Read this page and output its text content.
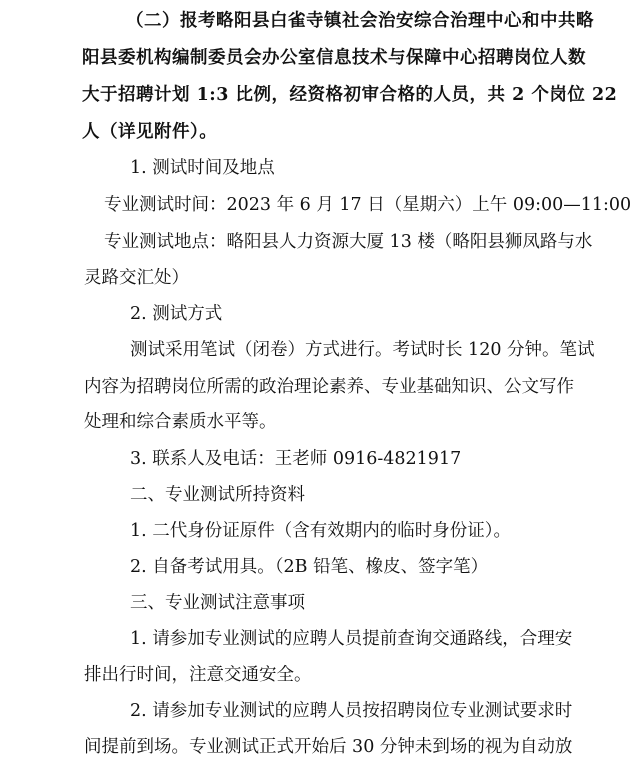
（二）报考略阳县白雀寺镇社会治安综合治理中心和中共略
阳县委机构编制委员会办公室信息技术与保障中心招聘岗位人数
大于招聘计划 1:3 比例，经资格初审合格的人员，共 2 个岗位 22
人（详见附件）。
1. 测试时间及地点
专业测试时间：2023 年 6 月 17 日（星期六）上午 09:00—11:00
专业测试地点：略阳县人力资源大厦 13 楼（略阳县狮凤路与水
灵路交汇处）
2. 测试方式
测试采用笔试（闭卷）方式进行。考试时长 120 分钟。笔试
内容为招聘岗位所需的政治理论素养、专业基础知识、公文写作
处理和综合素质水平等。
3. 联系人及电话：王老师 0916-4821917
二、专业测试所持资料
1. 二代身份证原件（含有效期内的临时身份证）。
2. 自备考试用具。（2B 铅笔、橡皮、签字笔）
三、专业测试注意事项
1. 请参加专业测试的应聘人员提前查询交通路线，合理安
排出行时间，注意交通安全。
2. 请参加专业测试的应聘人员按招聘岗位专业测试要求时
间提前到场。专业测试正式开始后 30 分钟未到场的视为自动放
